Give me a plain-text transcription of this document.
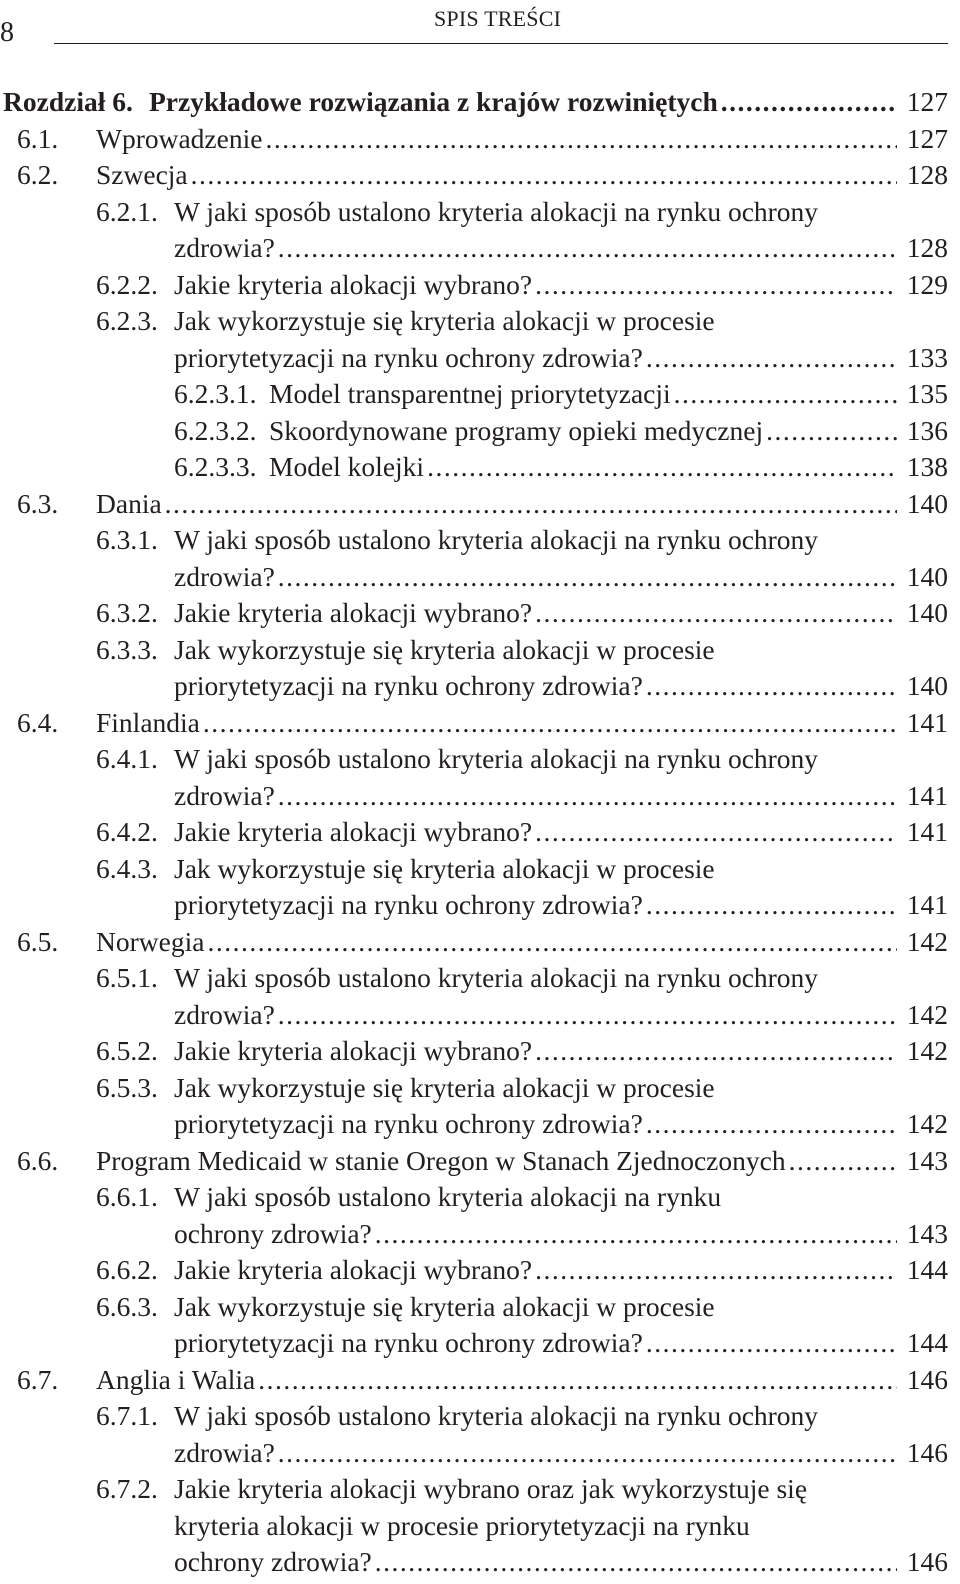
8	SPIS TREŚCI
Rozdział 6. Przykładowe rozwiązania z krajów rozwiniętych .....	127
6.1. Wprowadzenie .....	127
6.2. Szwecja .....	128
6.2.1. W jaki sposób ustalono kryteria alokacji na rynku ochrony
zdrowia? .....	128
6.2.2. Jakie kryteria alokacji wybrano? .....	129
6.2.3. Jak wykorzystuje się kryteria alokacji w procesie
priorytetyzacji na rynku ochrony zdrowia? .....	133
6.2.3.1. Model transparentnej priorytetyzacji .....	135
6.2.3.2. Skoordynowane programy opieki medycznej .....	136
6.2.3.3. Model kolejki .....	138
6.3. Dania .....	140
6.3.1. W jaki sposób ustalono kryteria alokacji na rynku ochrony
zdrowia? .....	140
6.3.2. Jakie kryteria alokacji wybrano? .....	140
6.3.3. Jak wykorzystuje się kryteria alokacji w procesie
priorytetyzacji na rynku ochrony zdrowia? .....	140
6.4. Finlandia .....	141
6.4.1. W jaki sposób ustalono kryteria alokacji na rynku ochrony
zdrowia? .....	141
6.4.2. Jakie kryteria alokacji wybrano? .....	141
6.4.3. Jak wykorzystuje się kryteria alokacji w procesie
priorytetyzacji na rynku ochrony zdrowia? .....	141
6.5. Norwegia .....	142
6.5.1. W jaki sposób ustalono kryteria alokacji na rynku ochrony
zdrowia? .....	142
6.5.2. Jakie kryteria alokacji wybrano? .....	142
6.5.3. Jak wykorzystuje się kryteria alokacji w procesie
priorytetyzacji na rynku ochrony zdrowia? .....	142
6.6. Program Medicaid w stanie Oregon w Stanach Zjednoczonych .....	143
6.6.1. W jaki sposób ustalono kryteria alokacji na rynku
ochrony zdrowia? .....	143
6.6.2. Jakie kryteria alokacji wybrano? .....	144
6.6.3. Jak wykorzystuje się kryteria alokacji w procesie
priorytetyzacji na rynku ochrony zdrowia? .....	144
6.7. Anglia i Walia .....	146
6.7.1. W jaki sposób ustalono kryteria alokacji na rynku ochrony
zdrowia? .....	146
6.7.2. Jakie kryteria alokacji wybrano oraz jak wykorzystuje się
kryteria alokacji w procesie priorytetyzacji na rynku
ochrony zdrowia? .....	146
